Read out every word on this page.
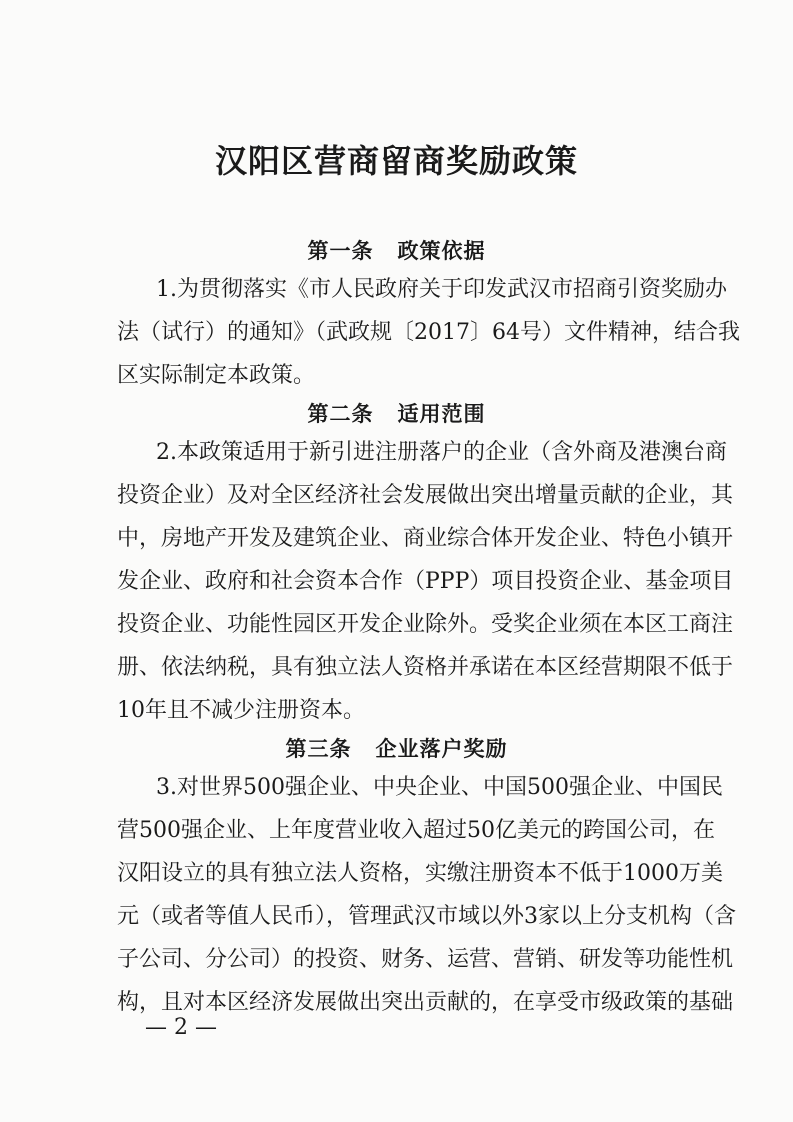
汉阳区营商留商奖励政策
第一条 政策依据
1.为贯彻落实《市人民政府关于印发武汉市招商引资奖励办
法（试行）的通知》（武政规〔2017〕64号）文件精神，结合我
区实际制定本政策。
第二条 适用范围
2.本政策适用于新引进注册落户的企业（含外商及港澳台商
投资企业）及对全区经济社会发展做出突出增量贡献的企业，其
中，房地产开发及建筑企业、商业综合体开发企业、特色小镇开
发企业、政府和社会资本合作（PPP）项目投资企业、基金项目
投资企业、功能性园区开发企业除外。受奖企业须在本区工商注
册、依法纳税，具有独立法人资格并承诺在本区经营期限不低于
10年且不减少注册资本。
第三条 企业落户奖励
3.对世界500强企业、中央企业、中国500强企业、中国民
营500强企业、上年度营业收入超过50亿美元的跨国公司，在
汉阳设立的具有独立法人资格，实缴注册资本不低于1000万美
元（或者等值人民币），管理武汉市域以外3家以上分支机构（含
子公司、分公司）的投资、财务、运营、营销、研发等功能性机
构，且对本区经济发展做出突出贡献的，在享受市级政策的基础
— 2 —
